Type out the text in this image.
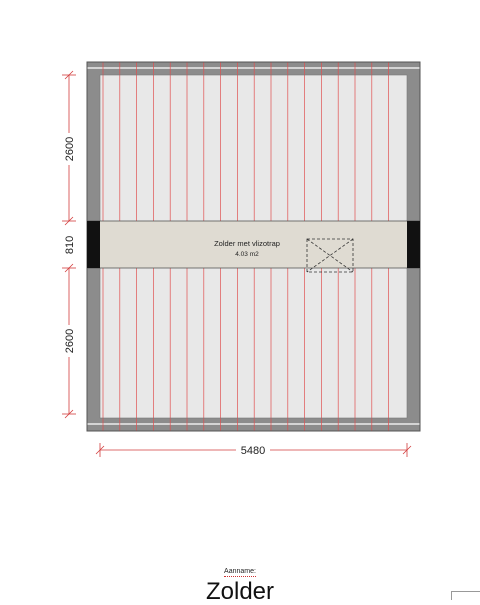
Zolder met vlizotrap
4.03 m2
2600
810
2600
5480
Aanname:
Zolder
